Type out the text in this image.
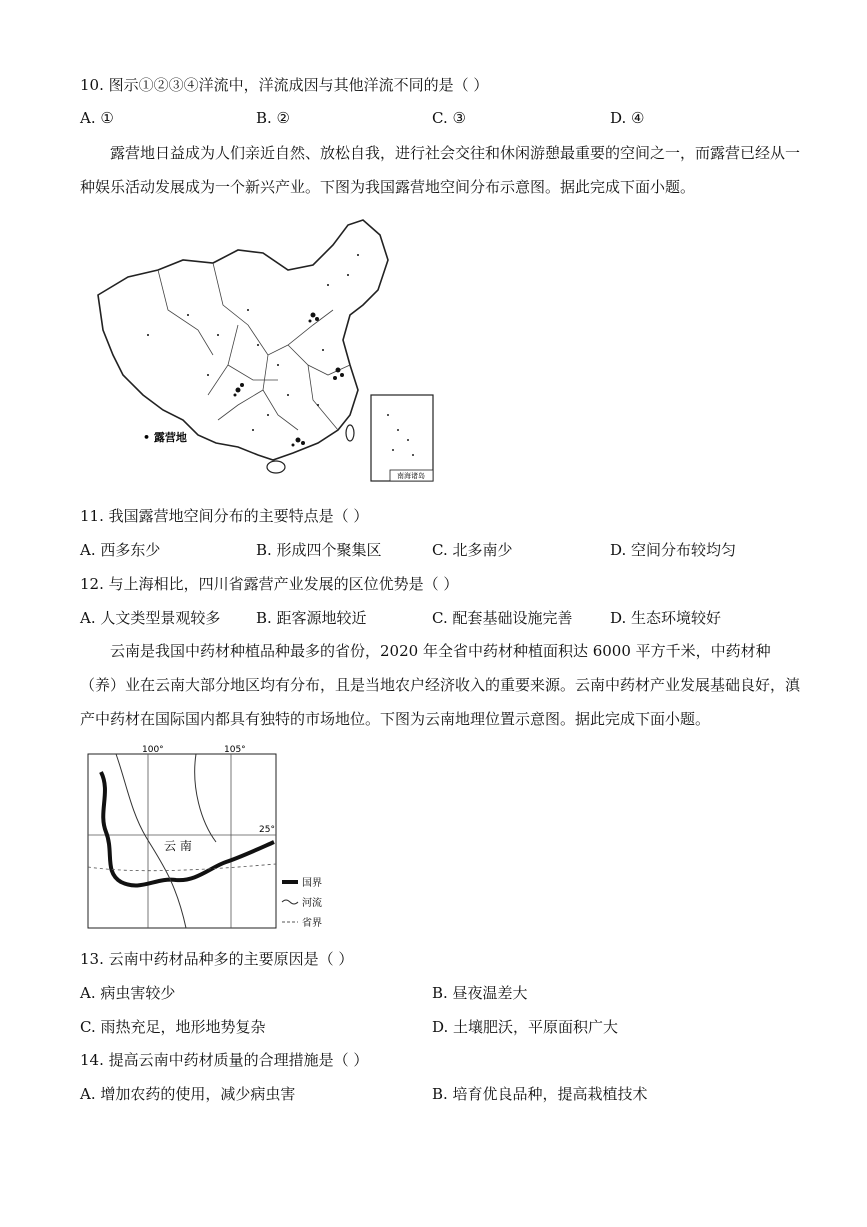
10. 图示①②③④洋流中，洋流成因与其他洋流不同的是（ ）
A. ①	B. ②	C. ③	D. ④
露营地日益成为人们亲近自然、放松自我，进行社会交往和休闲游憩最重要的空间之一，而露营已经从一种娱乐活动发展成为一个新兴产业。下图为我国露营地空间分布示意图。据此完成下面小题。
南海诸岛
• 露营地
11. 我国露营地空间分布的主要特点是（ ）
A. 西多东少	B. 形成四个聚集区	C. 北多南少	D. 空间分布较均匀
12. 与上海相比，四川省露营产业发展的区位优势是（ ）
A. 人文类型景观较多 B. 距客源地较近	C. 配套基础设施完善	D. 生态环境较好
云南是我国中药材种植品种最多的省份，2020 年全省中药材种植面积达 6000 平方千米，中药材种（养）业在云南大部分地区均有分布，且是当地农户经济收入的重要来源。云南中药材产业发展基础良好，滇产中药材在国际国内都具有独特的市场地位。下图为云南地理位置示意图。据此完成下面小题。
100°	105°
25°
云 南
国界
河流
省界
13. 云南中药材品种多的主要原因是（ ）
A. 病虫害较少	B. 昼夜温差大
C. 雨热充足，地形地势复杂	D. 土壤肥沃，平原面积广大
14. 提高云南中药材质量的合理措施是（ ）
A. 增加农药的使用，减少病虫害	B. 培育优良品种，提高栽植技术
